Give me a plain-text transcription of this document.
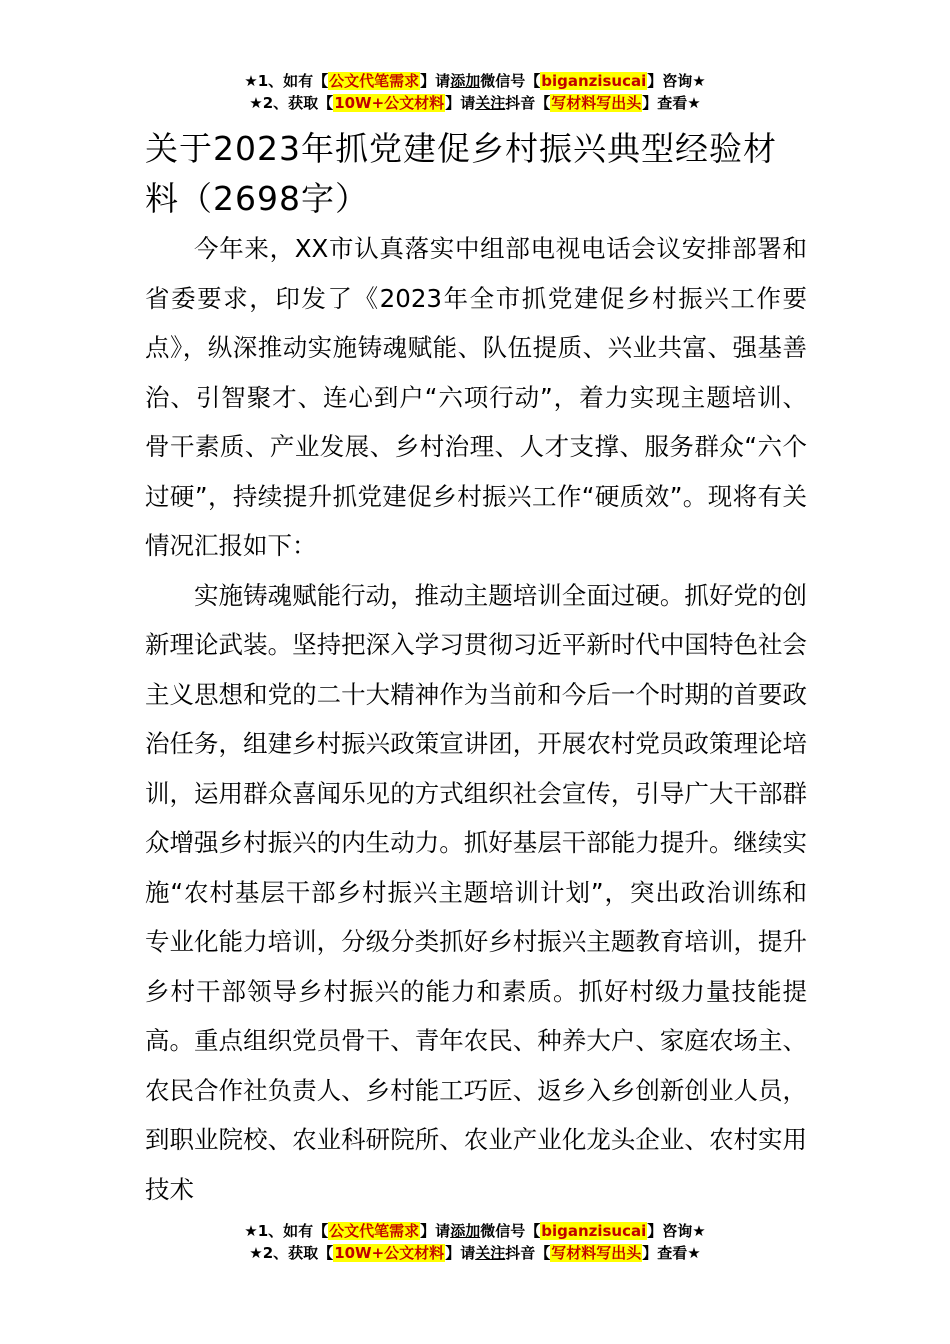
★1、如有【公文代笔需求】请添加微信号【biganzisucai】咨询★
★2、获取【10W+公文材料】请关注抖音【写材料写出头】查看★
关于2023年抓党建促乡村振兴典型经验材料（2698字）

今年来，XX市认真落实中组部电视电话会议安排部署和省委要求，印发了《2023年全市抓党建促乡村振兴工作要点》，纵深推动实施铸魂赋能、队伍提质、兴业共富、强基善治、引智聚才、连心到户“六项行动”，着力实现主题培训、骨干素质、产业发展、乡村治理、人才支撑、服务群众“六个过硬”，持续提升抓党建促乡村振兴工作“硬质效”。现将有关情况汇报如下：

实施铸魂赋能行动，推动主题培训全面过硬。抓好党的创新理论武装。坚持把深入学习贯彻习近平新时代中国特色社会主义思想和党的二十大精神作为当前和今后一个时期的首要政治任务，组建乡村振兴政策宣讲团，开展农村党员政策理论培训，运用群众喜闻乐见的方式组织社会宣传，引导广大干部群众增强乡村振兴的内生动力。抓好基层干部能力提升。继续实施“农村基层干部乡村振兴主题培训计划”，突出政治训练和专业化能力培训，分级分类抓好乡村振兴主题教育培训，提升乡村干部领导乡村振兴的能力和素质。抓好村级力量技能提高。重点组织党员骨干、青年农民、种养大户、家庭农场主、农民合作社负责人、乡村能工巧匠、返乡入乡创新创业人员，到职业院校、农业科研院所、农业产业化龙头企业、农村实用技术

★1、如有【公文代笔需求】请添加微信号【biganzisucai】咨询★
★2、获取【10W+公文材料】请关注抖音【写材料写出头】查看★
